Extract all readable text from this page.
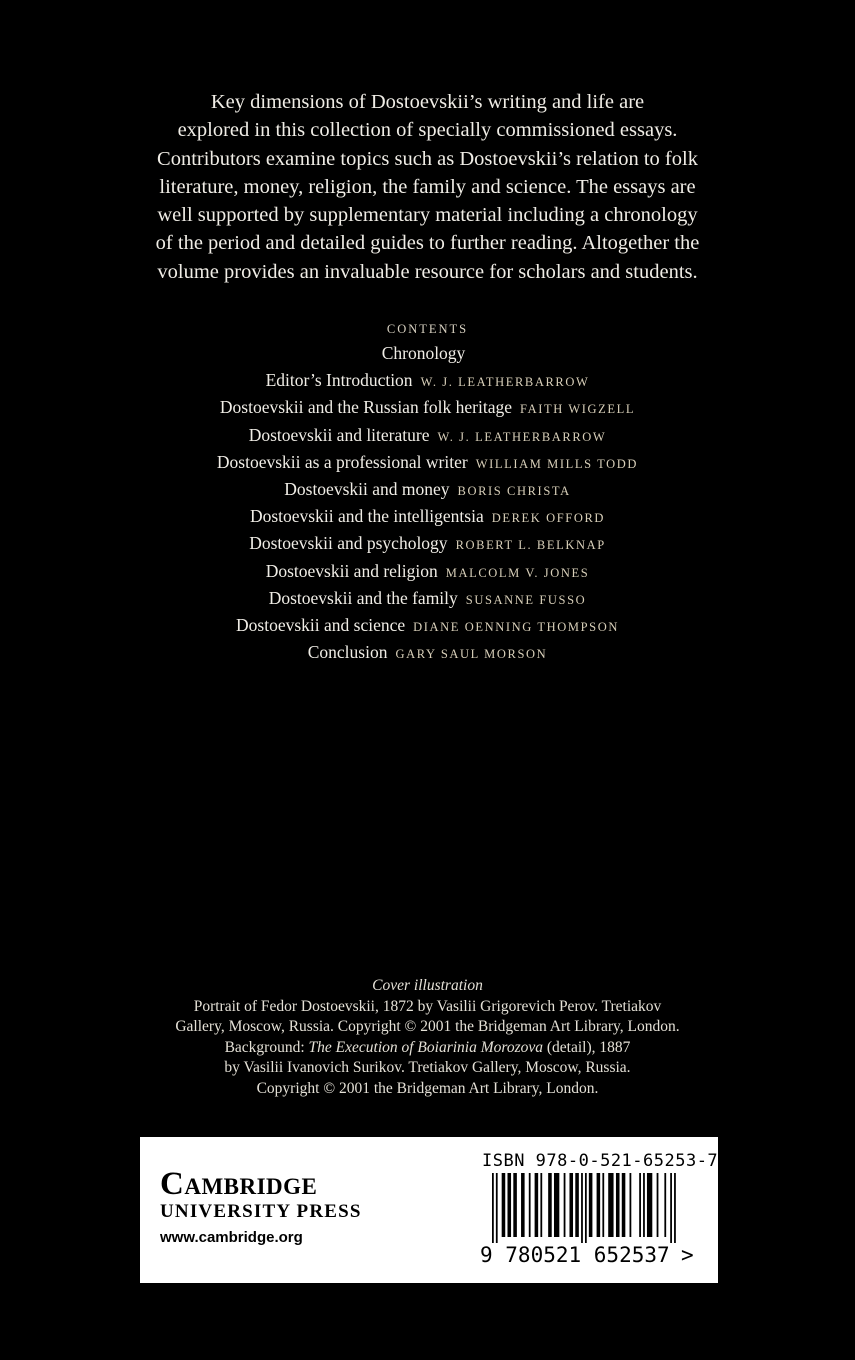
Key dimensions of Dostoevskii’s writing and life are
explored in this collection of specially commissioned essays.
Contributors examine topics such as Dostoevskii’s relation to folk
literature, money, religion, the family and science. The essays are
well supported by supplementary material including a chronology
of the period and detailed guides to further reading. Altogether the
volume provides an invaluable resource for scholars and students.
CONTENTS
Chronology
Editor’s Introduction W. J. LEATHERBARROW
Dostoevskii and the Russian folk heritage FAITH WIGZELL
Dostoevskii and literature W. J. LEATHERBARROW
Dostoevskii as a professional writer WILLIAM MILLS TODD
Dostoevskii and money BORIS CHRISTA
Dostoevskii and the intelligentsia DEREK OFFORD
Dostoevskii and psychology ROBERT L. BELKNAP
Dostoevskii and religion MALCOLM V. JONES
Dostoevskii and the family SUSANNE FUSSO
Dostoevskii and science DIANE OENNING THOMPSON
Conclusion GARY SAUL MORSON
Cover illustration
Portrait of Fedor Dostoevskii, 1872 by Vasilii Grigorevich Perov. Tretiakov
Gallery, Moscow, Russia. Copyright © 2001 the Bridgeman Art Library, London.
Background: The Execution of Boiarinia Morozova (detail), 1887
by Vasilii Ivanovich Surikov. Tretiakov Gallery, Moscow, Russia.
Copyright © 2001 the Bridgeman Art Library, London.
Cambridge
UNIVERSITY PRESS
www.cambridge.org
ISBN 978-0-521-65253-7
9 780521 652537 >
